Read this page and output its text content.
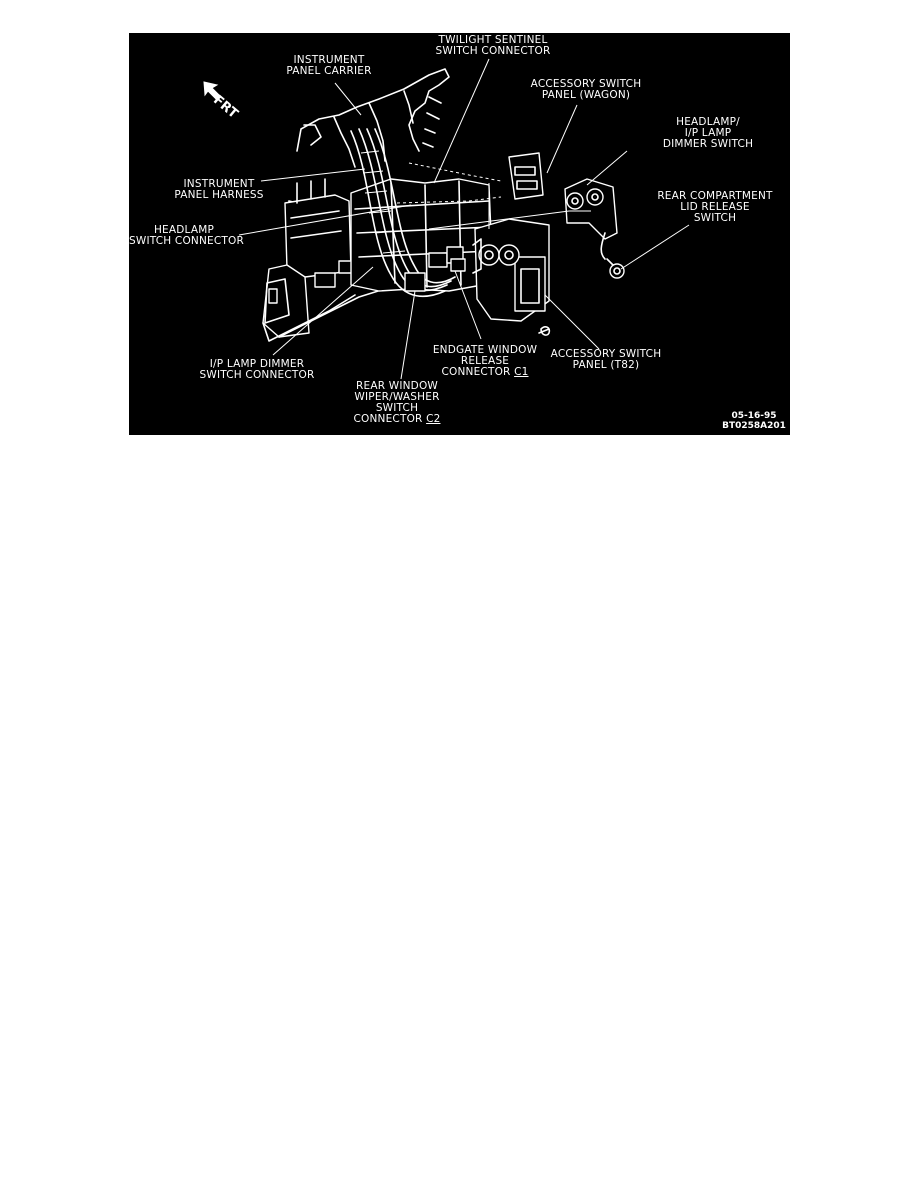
FRT
TWILIGHT SENTINEL
SWITCH CONNECTOR
INSTRUMENT
PANEL CARRIER
ACCESSORY SWITCH
PANEL (WAGON)
HEADLAMP/
I/P LAMP
DIMMER SWITCH
INSTRUMENT
PANEL HARNESS	REAR COMPARTMENT
LID RELEASE
SWITCH
HEADLAMP
SWITCH CONNECTOR
I/P LAMP DIMMER
SWITCH CONNECTOR
ENDGATE WINDOW
RELEASE
CONNECTOR C1
ACCESSORY SWITCH
PANEL (T82)
REAR WINDOW
WIPER/WASHER
SWITCH
CONNECTOR C2	05-16-95
BT0258A201
